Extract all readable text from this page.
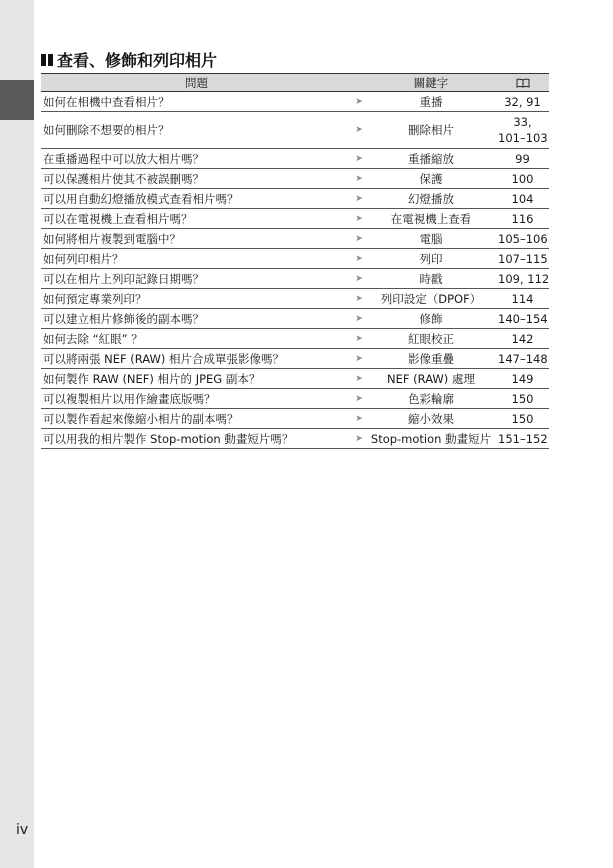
查看、修飾和列印相片
問題		關鍵字	
如何在相機中查看相片？	➤	重播	32, 91
如何刪除不想要的相片？	➤	刪除相片	33,
101–103
在重播過程中可以放大相片嗎？	➤	重播縮放	99
可以保護相片使其不被誤刪嗎？	➤	保護	100
可以用自動幻燈播放模式查看相片嗎？	➤	幻燈播放	104
可以在電視機上查看相片嗎？	➤	在電視機上查看	116
如何將相片複製到電腦中？	➤	電腦	105–106
如何列印相片？	➤	列印	107–115
可以在相片上列印記錄日期嗎？	➤	時戳	109, 112
如何預定專業列印？	➤	列印設定（DPOF）	114
可以建立相片修飾後的副本嗎？	➤	修飾	140–154
如何去除 “紅眼” ？	➤	紅眼校正	142
可以將兩張 NEF (RAW) 相片合成單張影像嗎？	➤	影像重疊	147–148
如何製作 RAW (NEF) 相片的 JPEG 副本？	➤	NEF (RAW) 處理	149
可以複製相片以用作繪畫底版嗎？	➤	色彩輪廓	150
可以製作看起來像縮小相片的副本嗎？	➤	縮小效果	150
可以用我的相片製作 Stop-motion 動畫短片嗎？	➤	Stop-motion 動畫短片	151–152
iv
